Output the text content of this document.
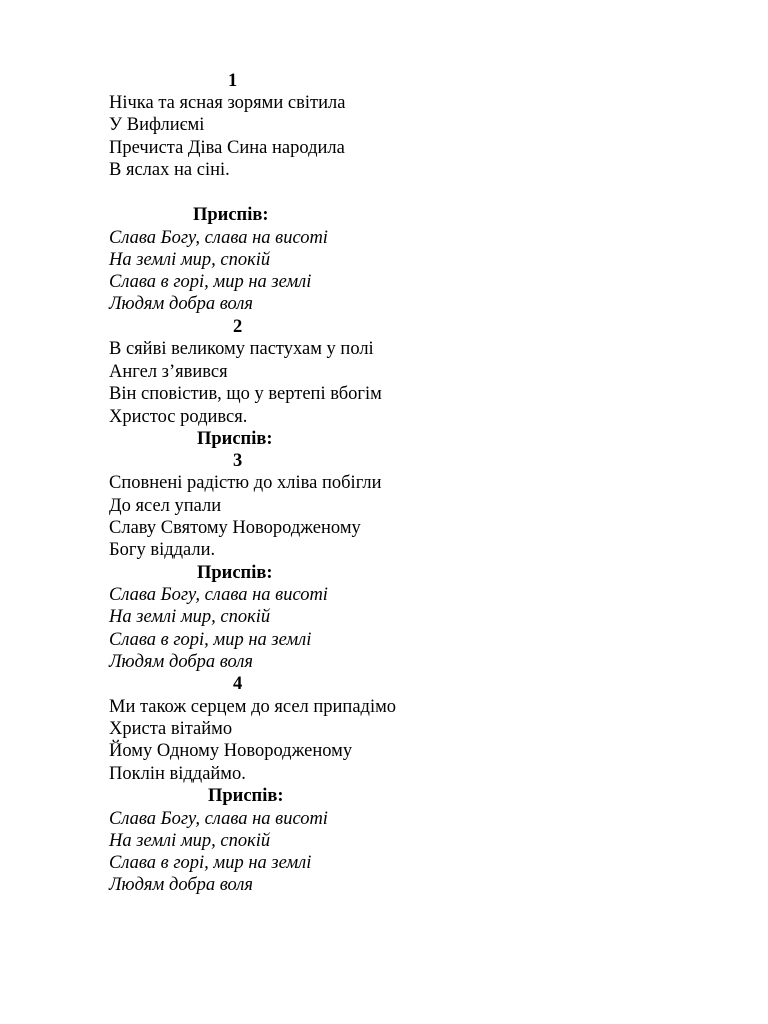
1
Нічка та ясная зорями світила
У Вифлиємі
Пречиста Діва Сина народила
В яслах на сіні.
Приспів:
Слава Богу, слава на висоті
На землі мир, спокій
Слава в горі, мир на землі
Людям добра воля
2
В сяйві великому пастухам у полі
Ангел з’явився
Він сповістив, що у вертепі вбогім
Христос родився.
Приспів:
3
Сповнені радістю до хліва побігли
До ясел упали
Славу Святому Новородженому
Богу віддали.
Приспів:
Слава Богу, слава на висоті
На землі мир, спокій
Слава в горі, мир на землі
Людям добра воля
4
Ми також серцем до ясел припадімо
Христа вітаймо
Йому Одному Новородженому
Поклін віддаймо.
Приспів:
Слава Богу, слава на висоті
На землі мир, спокій
Слава в горі, мир на землі
Людям добра воля
